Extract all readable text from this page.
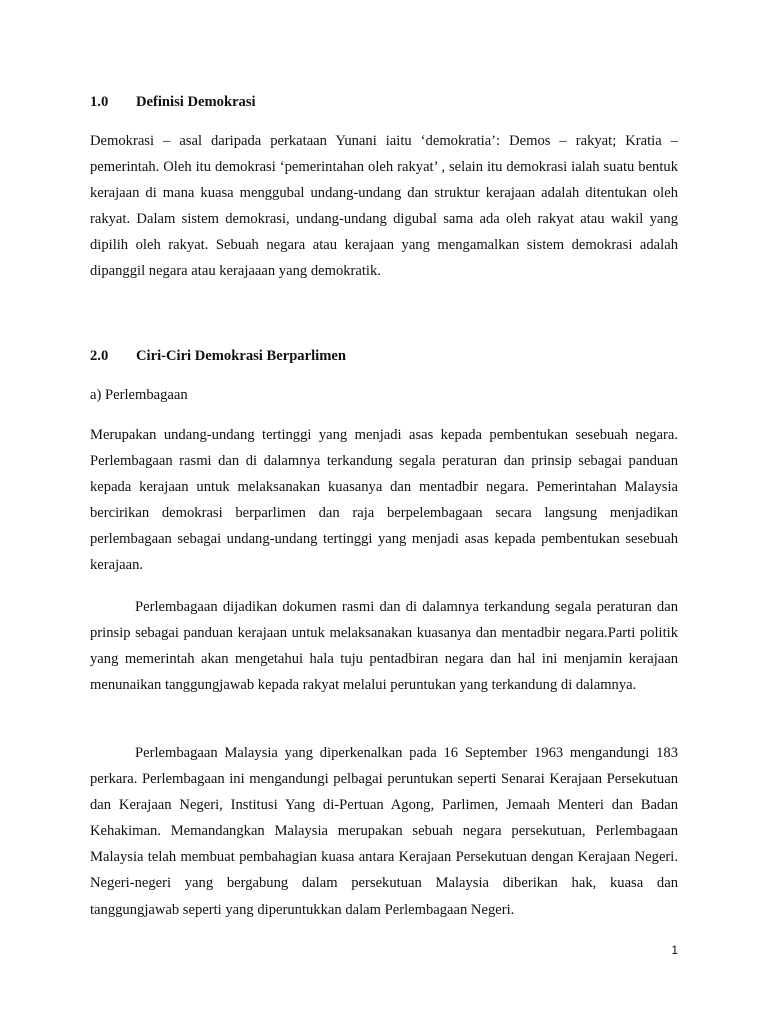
1.0 Definisi Demokrasi
Demokrasi – asal daripada perkataan Yunani iaitu ‘demokratia’: Demos – rakyat; Kratia – pemerintah. Oleh itu demokrasi ‘pemerintahan oleh rakyat’ , selain itu demokrasi ialah suatu bentuk kerajaan di mana kuasa menggubal undang-undang dan struktur kerajaan adalah ditentukan oleh rakyat. Dalam sistem demokrasi, undang-undang digubal sama ada oleh rakyat atau wakil yang dipilih oleh rakyat. Sebuah negara atau kerajaan yang mengamalkan sistem demokrasi adalah dipanggil negara atau kerajaaan yang demokratik.
2.0 Ciri-Ciri Demokrasi Berparlimen
a) Perlembagaan
Merupakan undang-undang tertinggi yang menjadi asas kepada pembentukan sesebuah negara. Perlembagaan rasmi dan di dalamnya terkandung segala peraturan dan prinsip sebagai panduan kepada kerajaan untuk melaksanakan kuasanya dan mentadbir negara. Pemerintahan Malaysia bercirikan demokrasi berparlimen dan raja berpelembagaan secara langsung menjadikan perlembagaan sebagai undang-undang tertinggi yang menjadi asas kepada pembentukan sesebuah kerajaan.
Perlembagaan dijadikan dokumen rasmi dan di dalamnya terkandung segala peraturan dan prinsip sebagai panduan kerajaan untuk melaksanakan kuasanya dan mentadbir negara.Parti politik yang memerintah akan mengetahui hala tuju pentadbiran negara dan hal ini menjamin kerajaan menunaikan tanggungjawab kepada rakyat melalui peruntukan yang terkandung di dalamnya.
Perlembagaan Malaysia yang diperkenalkan pada 16 September 1963 mengandungi 183 perkara. Perlembagaan ini mengandungi pelbagai peruntukan seperti Senarai Kerajaan Persekutuan dan Kerajaan Negeri, Institusi Yang di-Pertuan Agong, Parlimen, Jemaah Menteri dan Badan Kehakiman. Memandangkan Malaysia merupakan sebuah negara persekutuan, Perlembagaan Malaysia telah membuat pembahagian kuasa antara Kerajaan Persekutuan dengan Kerajaan Negeri. Negeri-negeri yang bergabung dalam persekutuan Malaysia diberikan hak, kuasa dan tanggungjawab seperti yang diperuntukkan dalam Perlembagaan Negeri.
1
